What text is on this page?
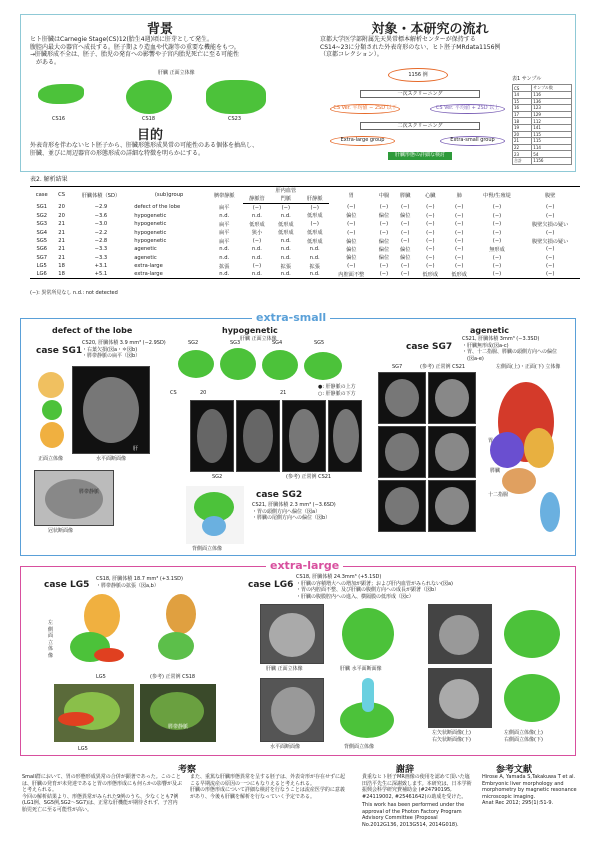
背景
ヒト肝臓はCarnegie Stage(CS)12(胎生4週)頃に肝芽として発生。
腹腔内最大の器官へ成長する。胚子期より造血や代謝等の重要な機能をもつ。
→肝臓形成不全は、胚子、胎児の発育への影響や子宮内胎児死亡に至る可能性
　がある。
肝臓 正面立体像
CS16	CS18	CS23
目的
外表奇形を伴わないヒト胚子から、肝臓形態形成異常の可能性のある個体を抽出し、
肝臓、並びに周辺器官の形態形成の詳細な特徴を明らかにする。
対象・本研究の流れ
京都大学医学部附属先天異常標本解析センターが保持する
CS14~23に分類された外表奇形のない、ヒト胚子MRdata1156例
（京都コレクション）。
1156 例
一次スクリーニング
CS Ver. 平均値 − 2SD 以下	CS Ver. 平均値 + 2SD 以上
二次スクリーニング
Extra-large group	Extra-small group
肝臓形態の詳細な検討
表1 サンプル
CS	サンプル数
14	116
15	136
16	123
17	129
18	112
19	141
20	115
21	115
22	114
23	54
合計	1156
表2. 解析結果
case	CS	肝臓体積（SD）	(sub)group	臍帯静脈	肝内血管			胃	中腸	膵臓	心臓	肺	中腎/生殖堤	腹壁
					静脈管	門脈	肝静脈							
SG1	20	−2.9	defect of the lobe	扁平	(−)	(−)	(−)	(−)	(−)	(−)	(−)	(−)	(−)	(−)
SG2	20	−3.6	hypogenetic	n.d.	n.d.	n.d.	低形成	偏位	偏位	偏位	(−)	(−)	(−)	(−)
SG3	21	−3.0	hypogenetic	扁平	低形成	低形成	(−)	(−)	(−)	(−)	(−)	(−)	(−)	腹壁欠損の疑い
SG4	21	−2.2	hypogenetic	扁平	狭小	低形成	低形成	(−)	(−)	(−)	(−)	(−)	(−)	(−)
SG5	21	−2.8	hypogenetic	扁平	(−)	n.d.	低形成	偏位	偏位	(−)	(−)	(−)	(−)	腹壁欠損の疑い
SG6	21	−3.3	agenetic	n.d.	n.d.	n.d.	n.d.	偏位	偏位	偏位	(−)	(−)	無形成	(−)
SG7	21	−3.3	agenetic	n.d.	n.d.	n.d.	n.d.	偏位	偏位	偏位	(−)	(−)	(−)	(−)
LG5	18	+3.1	extra-large	拡張	(−)	拡張	拡張	(−)	(−)	(−)	(−)	(−)	(−)	(−)
LG6	18	+5.1	extra-large	n.d.	n.d.	n.d.	n.d.	内腔面不整	(−)	(−)	低形成	低形成	(−)	(−)
(−): 異常所見なし n.d.: not detected
extra-small
defect of the lobe
case SG1
CS20, 肝臓体積 3.9 mm³ (−2.9SD)
・右葉欠損(図a・＊図b)
・膵帯静脈の扁平（図b）
肝
正面立体像	水平面断面像
膵帯静脈
冠状断面像
hypogenetic
肝臓 正面立体像
SG2	SG3	SG4	SG5
CS	20	21
●: 肝静脈の上方
○: 肝静脈の下方
SG2	(参考) 正常例 CS21
背側面立体像
case SG2
CS21, 肝臓体積 2.3 mm³ (−3.6SD)
・胃の頭側方向へ偏位（図a）
・膵臓の尾側方向への偏位（図b）
agenetic
case SG7
CS21, 肝臓体積 3mm³ (−3.3SD)
・肝臓無形成(図a-c)
・胃、十二指腸、膵臓の頭側方向への偏位
　(図a-e)
SG7	(参考) 正常例 CS21	左側面(上)・正面(下) 立体像
胃
膵臓
十二指腸
extra-large
case LG5
CS18, 肝臓体積 18.7 mm³ (+3.1SD)
・膵帯静脈の拡張（図a,b）
左側面立体像
LG5	(参考) 正常例 CS18
膵帯静脈
LG5
case LG6
CS18, 肝臓体積 24.3mm³ (+5.1SD)
・肝臓の容積増大への増加が顕著；および肝内血管がみられない(図a)
・胃の内腔面不整、及び肝臓の腹側方向への成長が顕著（図b）
・肝臓の腹膜腔内への進入、横隔膜の低形成（図c）
肝臓 正面立体像	肝臓 水平面断面像
水平面断面像	背側面立体像
左矢状断面像(上)
右矢状断面像(下)
左側面立体像(上)
右側面立体像(下)
考察
Small群において、胃の形態形成異常の合併が顕著であった。このことは、肝臓の発育が未発達であると胃の形態形成にも何らかの影響が及ぶと考えられる。
今回の解析結果より、形態異常がみられた9例のうち、少なくとも7例 (LG1例、SG5例,SG2〜SG7)は、正常な肝機能が期待されず、子宮内胎児死亡に至る可能性が高い。
また、重篤な肝臓形態異常を呈する胚子は、外表奇形が存在せずに起こる早期流産の原因の一つにもなりえると考えられる。
肝臓の形態形成について詳細な検討を行なうことは流産医学的に意義があり、今後も肝臓を解析を行なっていく予定である。
謝辞
貴重なヒト胚子MR画像の使用を認めて頂いた塩田浩平先生に深謝致します。本研究は、日本学術振興会科学研究費補助金 (#24790195, #24119002, #25461642)の助成を受けた。
This work has been performed under the approval of the Photon Factory Program Advisory Committee (Proposal No.2012G136, 2013G514, 2014G018).
参考文献
Hirose A, Yamada S,Takakuwa T et al.
Embryonic liver morphology and morphometry by magnetic resonance microscopic imaging.
Anat Rec 2012; 295(1):51-9.
